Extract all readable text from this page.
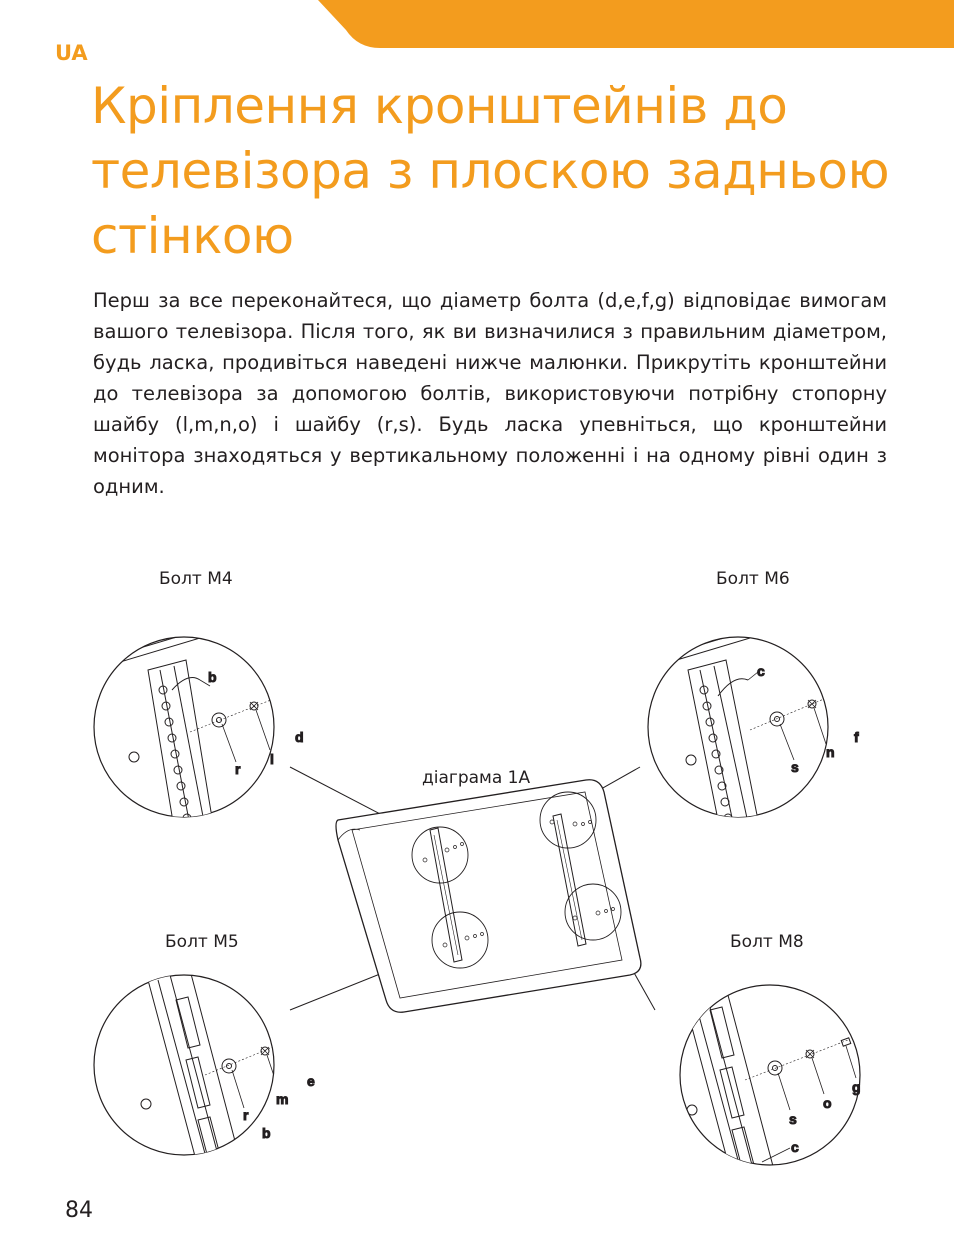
UA
Кріплення кронштейнів до телевізора з плоскою задньою стінкою

Перш за все переконайтеся, що діаметр болта (d,e,f,g) відповідає вимогам вашого телевізора. Після того, як ви визначилися з правильним діаметром, будь ласка, продивіться наведені нижче малюнки. Прикрутіть кронштейни до телевізора за допомогою болтів, використовуючи потрібну стопорну шайбу (l,m,n,o) і шайбу (r,s). Будь ласка упевніться, що кронштейни монітора знаходяться у вертикальному положенні і на одному рівні один з одним.

Болт M4	Болт M6
діаграма 1А
Болт M5	Болт M8
b
r
l
d
c
s
n
f
r
m
e
b
s
o
g
c
84
